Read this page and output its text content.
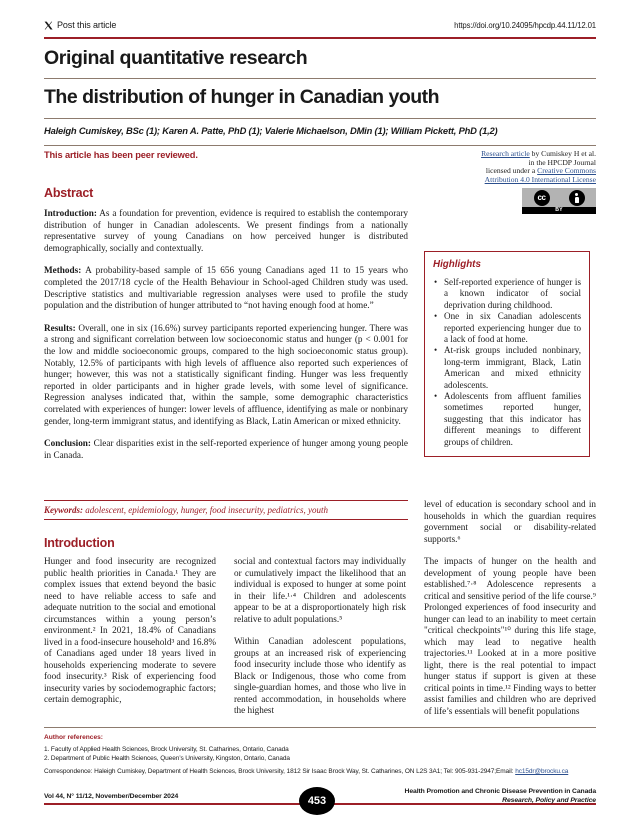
Post this article	https://doi.org/10.24095/hpcdp.44.11/12.01
Original quantitative research
The distribution of hunger in Canadian youth
Haleigh Cumiskey, BSc (1); Karen A. Patte, PhD (1); Valerie Michaelson, DMin (1); William Pickett, PhD (1,2)
This article has been peer reviewed.	Research article by Cumiskey H et al.
in the HPCDP Journal
licensed under a Creative Commons
Attribution 4.0 International License
cc
BY
Abstract

Introduction: As a foundation for prevention, evidence is required to establish the contemporary distribution of hunger in Canadian adolescents. We present findings from a nationally representative survey of young Canadians on how perceived hunger is distributed demographically, socially and contextually.

Methods: A probability-based sample of 15 656 young Canadians aged 11 to 15 years who completed the 2017/18 cycle of the Health Behaviour in School-aged Children study was used. Descriptive statistics and multivariable regression analyses were used to profile the study population and the distribution of hunger attributed to “not having enough food at home.”

Results: Overall, one in six (16.6%) survey participants reported experiencing hunger. There was a strong and significant correlation between low socioeconomic status and hunger (p < 0.001 for the low and middle socioeconomic groups, compared to the high socioeconomic status group). Notably, 12.5% of participants with high levels of affluence also reported such experiences of hunger; however, this was not a statistically significant finding. Hunger was less frequently reported in older participants and in higher grade levels, with some level of significance. Regression analyses indicated that, within the sample, some demographic characteristics correlated with experiences of hunger: lower levels of affluence, identifying as male or nonbinary gender, long-term immigrant status, and identifying as Black, Latin American or mixed ethnicity.

Conclusion: Clear disparities exist in the self-reported experience of hunger among young people in Canada.

Keywords: adolescent, epidemiology, hunger, food insecurity, pediatrics, youth
Highlights
• Self-reported experience of hunger is a known indicator of social deprivation during childhood.
• One in six Canadian adolescents reported experiencing hunger due to a lack of food at home.
• At-risk groups included nonbinary, long-term immigrant, Black, Latin American and mixed ethnicity adolescents.
• Adolescents from affluent families sometimes reported hunger, suggesting that this indicator has different meanings to different groups of children.
Introduction

Hunger and food insecurity are recognized public health priorities in Canada.¹ They are complex issues that extend beyond the basic need to have reliable access to safe and adequate nutrition to the social and emotional circumstances within a young person’s environment.² In 2021, 18.4% of Canadians lived in a food-insecure household³ and 16.8% of Canadians aged under 18 years lived in households experiencing moderate to severe food insecurity.³ Risk of experiencing food insecurity varies by sociodemographic factors; certain demographic,

social and contextual factors may individually or cumulatively impact the likelihood that an individual is exposed to hunger at some point in their life.¹⋅⁴ Children and adolescents appear to be at a disproportionately high risk relative to adult populations.⁵

Within Canadian adolescent populations, groups at an increased risk of experiencing food insecurity include those who identify as Black or Indigenous, those who come from single-guardian homes, and those who live in rented accommodation, in households where the highest

level of education is secondary school and in households in which the guardian requires government social or disability-related supports.⁶

The impacts of hunger on the health and development of young people have been established.⁷⋅⁸ Adolescence represents a critical and sensitive period of the life course.⁹ Prolonged experiences of food insecurity and hunger can lead to an inability to meet certain "critical checkpoints"¹⁰ during this life stage, which may lead to negative health trajectories.¹¹ Looked at in a more positive light, there is the real potential to impact hunger status if support is given at these critical points in time.¹² Finding ways to better assist families and children who are deprived of life’s essentials will benefit populations

Author references:
1. Faculty of Applied Health Sciences, Brock University, St. Catharines, Ontario, Canada
2. Department of Public Health Sciences, Queen’s University, Kingston, Ontario, Canada
Correspondence: Haleigh Cumiskey, Department of Health Sciences, Brock University, 1812 Sir Isaac Brock Way, St. Catharines, ON L2S 3A1; Tel: 905-931-2947;Email: hc15dr@brocku.ca
Vol 44, N° 11/12, November/December 2024	453
Health Promotion and Chronic Disease Prevention in Canada
Research, Policy and Practice
